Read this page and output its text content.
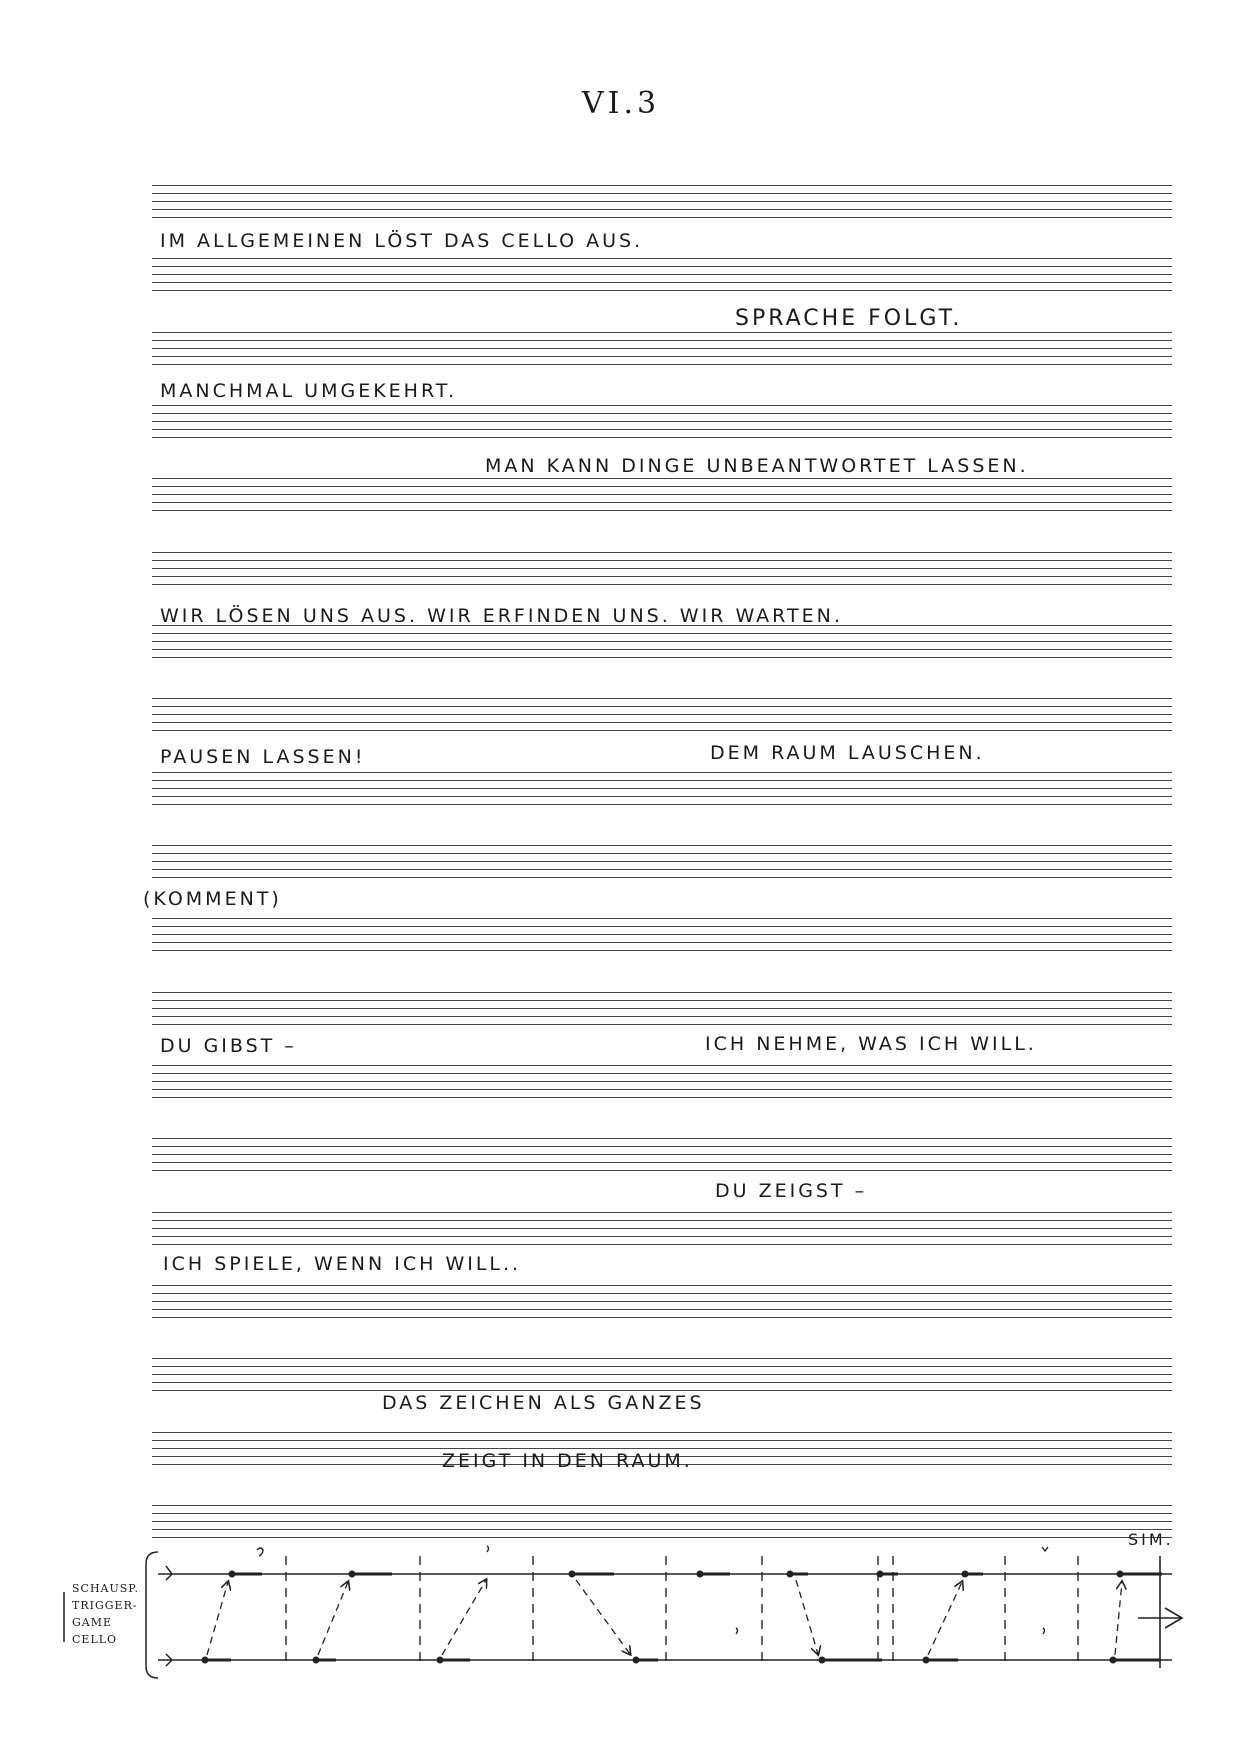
VI.3
IM ALLGEMEINEN LÖST DAS CELLO AUS.
SPRACHE FOLGT.
MANCHMAL UMGEKEHRT.
MAN KANN DINGE UNBEANTWORTET LASSEN.
WIR LÖSEN UNS AUS. WIR ERFINDEN UNS. WIR WARTEN.
PAUSEN LASSEN!	DEM RAUM LAUSCHEN.
(KOMMENT)
DU GIBST –	ICH NEHME, WAS ICH WILL.
DU ZEIGST –
ICH SPIELE, WENN ICH WILL..
DAS ZEICHEN ALS GANZES
ZEIGT IN DEN RAUM.
SCHAUSP.
TRIGGER-
GAME
CELLO
SIM.
